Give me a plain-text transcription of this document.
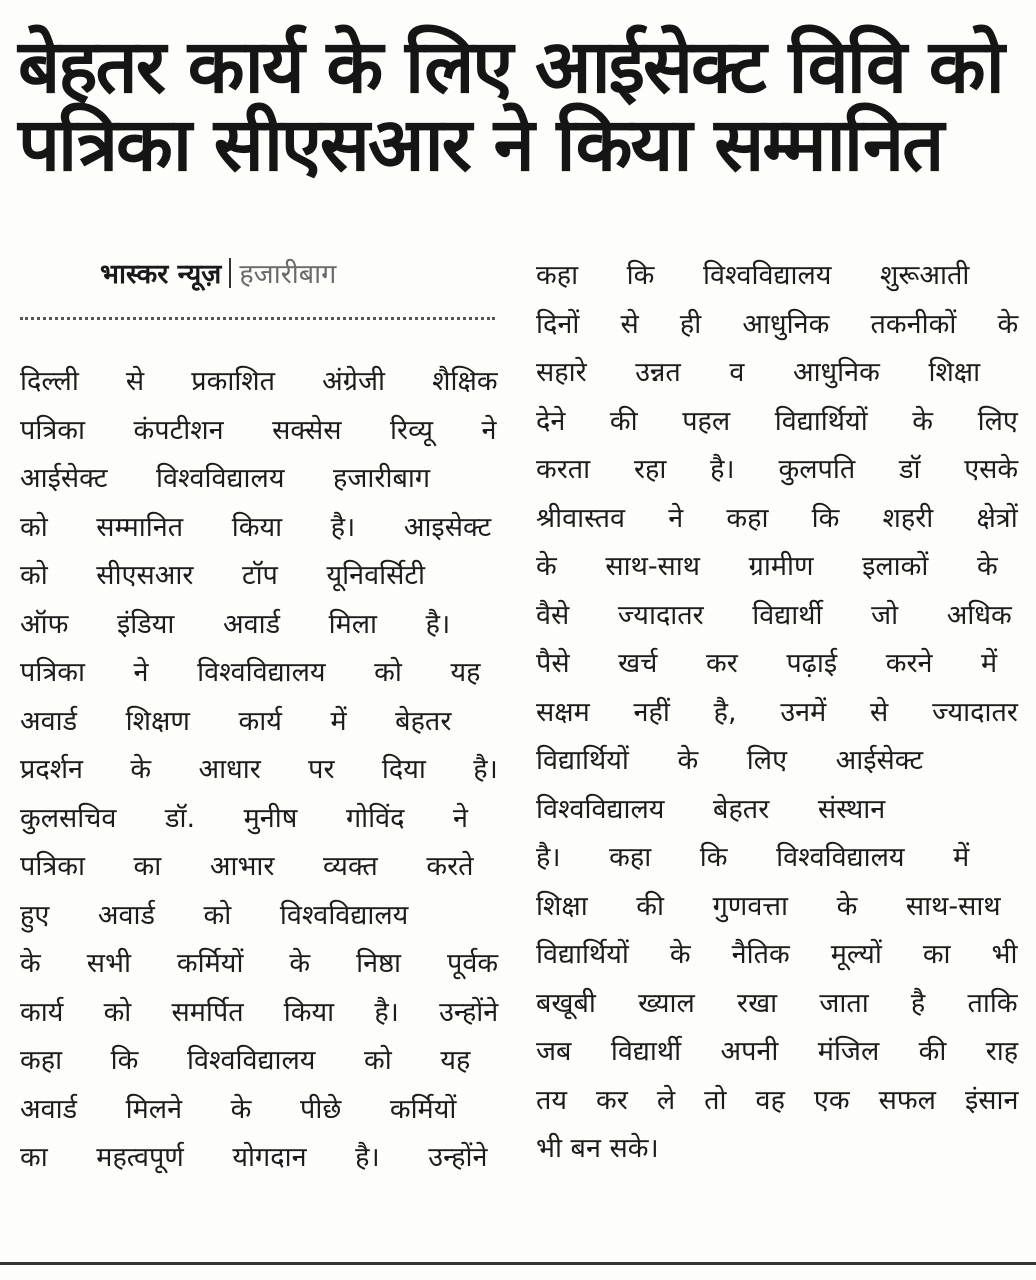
बेहतर कार्य के लिए आईसेक्ट विवि को
पत्रिका सीएसआर ने किया सम्मानित
भास्कर न्यूज़ हजारीबाग
दिल्ली से प्रकाशित अंग्रेजी शैक्षिक
पत्रिका कंपटीशन सक्सेस रिव्यू ने
आईसेक्ट विश्वविद्यालय हजारीबाग
को सम्मानित किया है। आइसेक्ट
को सीएसआर टॉप यूनिवर्सिटी
ऑफ इंडिया अवार्ड मिला है।
पत्रिका ने विश्वविद्यालय को यह
अवार्ड शिक्षण कार्य में बेहतर
प्रदर्शन के आधार पर दिया है।
कुलसचिव डॉ. मुनीष गोविंद ने
पत्रिका का आभार व्यक्त करते
हुए अवार्ड को विश्वविद्यालय
के सभी कर्मियों के निष्ठा पूर्वक
कार्य को समर्पित किया है। उन्होंने
कहा कि विश्वविद्यालय को यह
अवार्ड मिलने के पीछे कर्मियों
का महत्वपूर्ण योगदान है। उन्होंने
कहा कि विश्वविद्यालय शुरूआती
दिनों से ही आधुनिक तकनीकों के
सहारे उन्नत व आधुनिक शिक्षा
देने की पहल विद्यार्थियों के लिए
करता रहा है। कुलपति डॉ एसके
श्रीवास्तव ने कहा कि शहरी क्षेत्रों
के साथ-साथ ग्रामीण इलाकों के
वैसे ज्यादातर विद्यार्थी जो अधिक
पैसे खर्च कर पढ़ाई करने में
सक्षम नहीं है, उनमें से ज्यादातर
विद्यार्थियों के लिए आईसेक्ट
विश्वविद्यालय बेहतर संस्थान
है। कहा कि विश्वविद्यालय में
शिक्षा की गुणवत्ता के साथ-साथ
विद्यार्थियों के नैतिक मूल्यों का भी
बखूबी ख्याल रखा जाता है ताकि
जब विद्यार्थी अपनी मंजिल की राह
तय कर ले तो वह एक सफल इंसान
भी बन सके।
